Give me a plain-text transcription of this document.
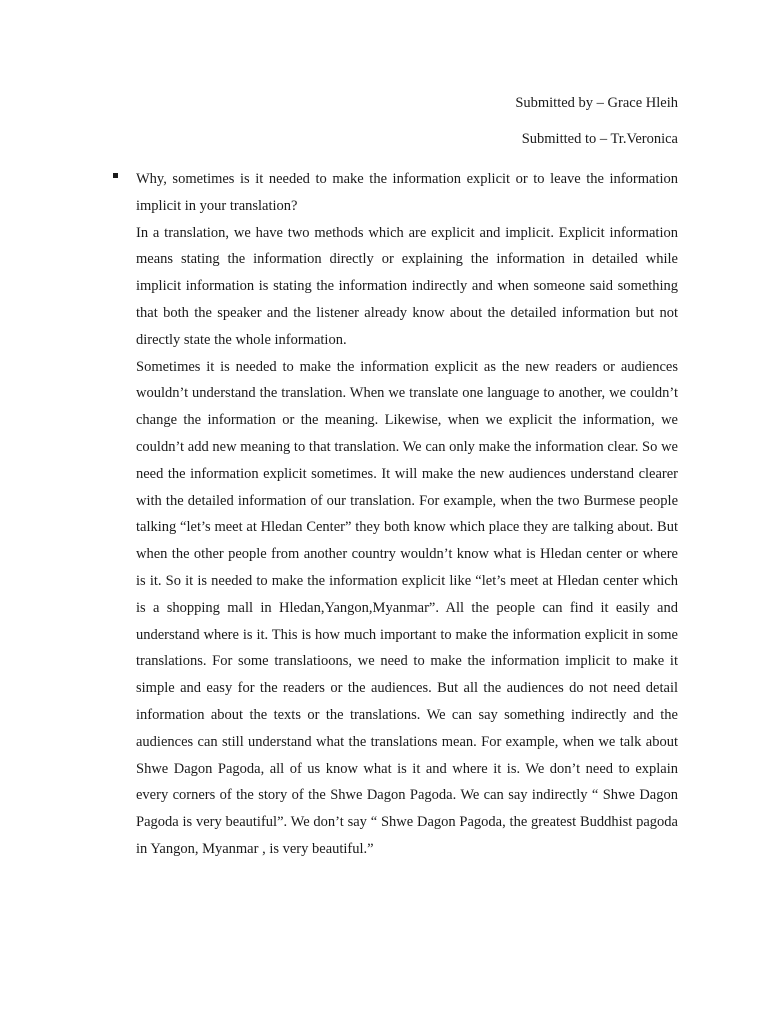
Submitted by – Grace Hleih
Submitted to – Tr.Veronica

Why, sometimes is it needed to make the information explicit or to leave the information implicit in your translation?

In a translation, we have two methods which are explicit and implicit. Explicit information means stating the information directly or explaining the information in detailed while implicit information is stating the information indirectly and when someone said something that both the speaker and the listener already know about the detailed information but not directly state the whole information.

Sometimes it is needed to make the information explicit as the new readers or audiences wouldn’t understand the translation. When we translate one language to another, we couldn’t change the information or the meaning. Likewise, when we explicit the information, we couldn’t add new meaning to that translation. We can only make the information clear. So we need the information explicit sometimes. It will make the new audiences understand clearer with the detailed information of our translation. For example, when the two Burmese people talking “let’s meet at Hledan Center” they both know which place they are talking about. But when the other people from another country wouldn’t know what is Hledan center or where is it. So it is needed to make the information explicit like “let’s meet at Hledan center which is a shopping mall in Hledan,Yangon,Myanmar”. All the people can find it easily and understand where is it. This is how much important to make the information explicit in some translations. For some translatioons, we need to make the information implicit to make it simple and easy for the readers or the audiences. But all the audiences do not need detail information about the texts or the translations. We can say something indirectly and the audiences can still understand what the translations mean. For example, when we talk about Shwe Dagon Pagoda, all of us know what is it and where it is. We don’t need to explain every corners of the story of the Shwe Dagon Pagoda. We can say indirectly “ Shwe Dagon Pagoda is very beautiful”. We don’t say “ Shwe Dagon Pagoda, the greatest Buddhist pagoda in Yangon, Myanmar , is very beautiful.”
